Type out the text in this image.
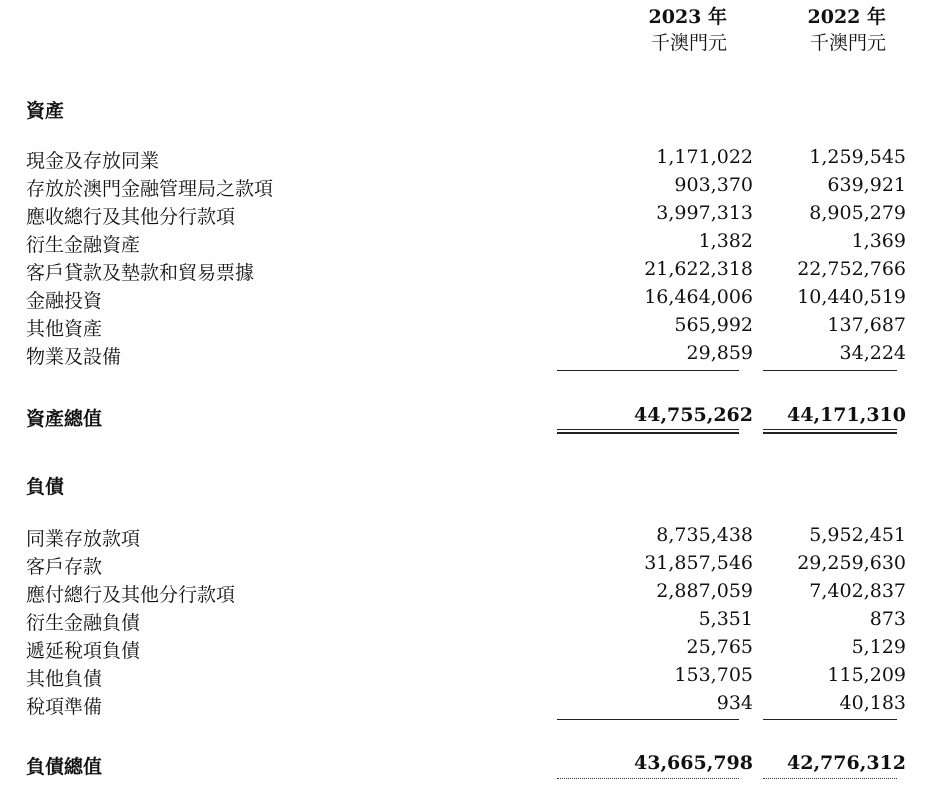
2023 年
千澳門元
2022 年
千澳門元
資產
現金及存放同業	1,171,022	1,259,545
存放於澳門金融管理局之款項	903,370	639,921
應收總行及其他分行款項	3,997,313	8,905,279
衍生金融資產	1,382	1,369
客戶貸款及墊款和貿易票據	21,622,318 22,752,766
金融投資	16,464,006 10,440,519
其他資產	565,992	137,687
物業及設備	29,859	34,224
資產總值	44,755,262 44,171,310
負債
同業存放款項	8,735,438	5,952,451
客戶存款	31,857,546 29,259,630
應付總行及其他分行款項	2,887,059	7,402,837
衍生金融負債	5,351	873
遞延稅項負債	25,765	5,129
其他負債	153,705	115,209
稅項準備	934	40,183
負債總值	43,665,798 42,776,312
